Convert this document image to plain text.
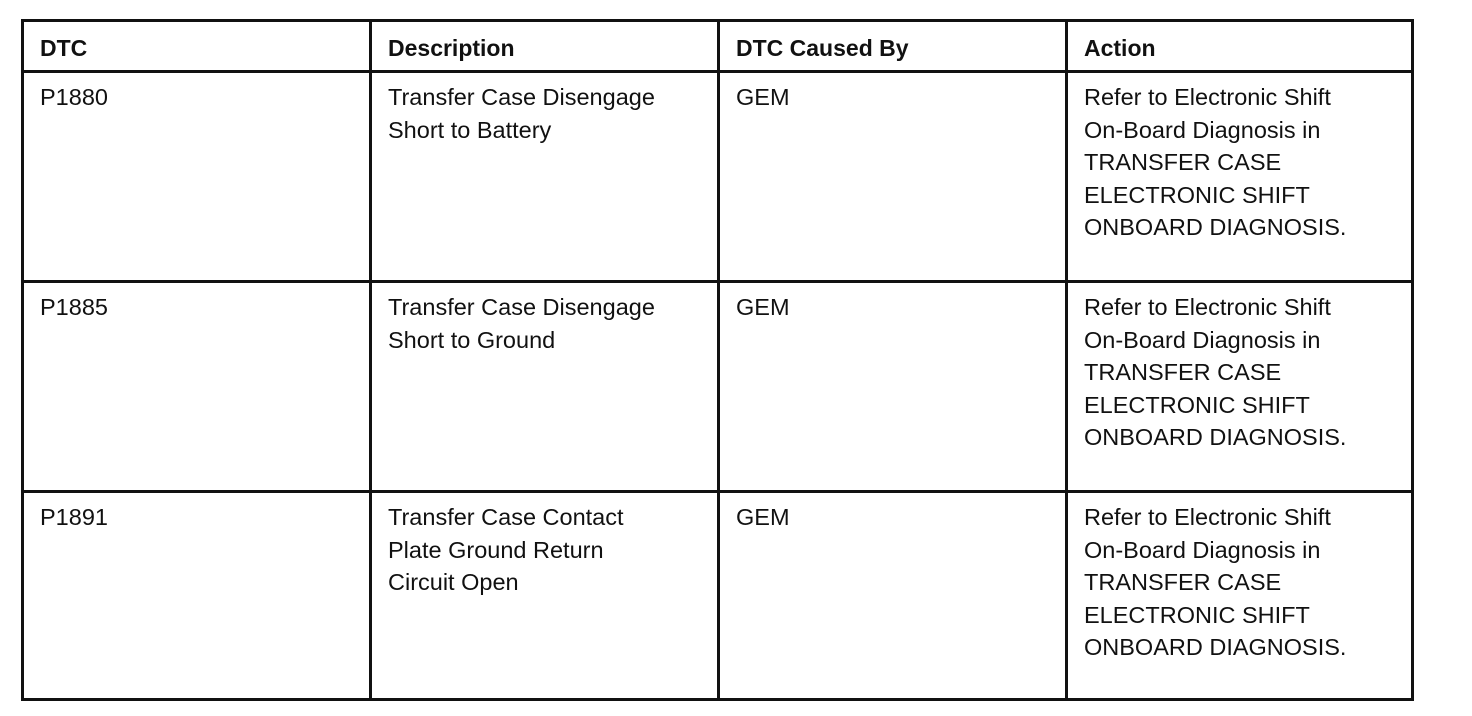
DTC	Description	DTC Caused By	Action

P1880	Transfer Case Disengage
Short to Battery	GEM	Refer to Electronic Shift
On-Board Diagnosis in
TRANSFER CASE
ELECTRONIC SHIFT
ONBOARD DIAGNOSIS.

P1885	Transfer Case Disengage
Short to Ground	GEM	Refer to Electronic Shift
On-Board Diagnosis in
TRANSFER CASE
ELECTRONIC SHIFT
ONBOARD DIAGNOSIS.

P1891	Transfer Case Contact
Plate Ground Return
Circuit Open	GEM	Refer to Electronic Shift
On-Board Diagnosis in
TRANSFER CASE
ELECTRONIC SHIFT
ONBOARD DIAGNOSIS.
